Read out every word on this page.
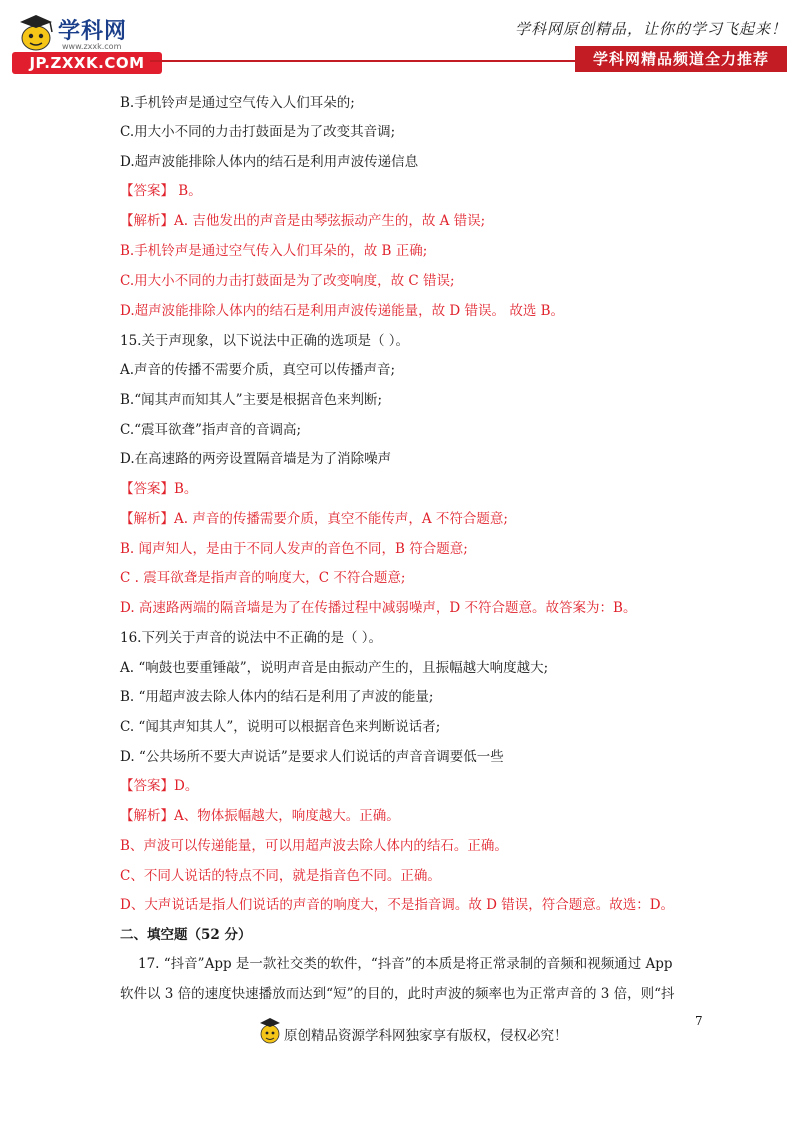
学科网
www.zxxk.com
JP.ZXXK.COM
学科网原创精品，让你的学习飞起来！
学科网精品频道全力推荐
B.手机铃声是通过空气传入人们耳朵的;
C.用大小不同的力击打鼓面是为了改变其音调;
D.超声波能排除人体内的结石是利用声波传递信息
【答案】 B。
【解析】A. 吉他发出的声音是由琴弦振动产生的，故 A 错误;
B.手机铃声是通过空气传入人们耳朵的，故 B 正确;
C.用大小不同的力击打鼓面是为了改变响度，故 C 错误;
D.超声波能排除人体内的结石是利用声波传递能量，故 D 错误。 故选 B。
15.关于声现象，以下说法中正确的选项是（ ）。
A.声音的传播不需要介质，真空可以传播声音;
B.“闻其声而知其人”主要是根据音色来判断;
C.“震耳欲聋”指声音的音调高;
D.在高速路的两旁设置隔音墙是为了消除噪声
【答案】B。
【解析】A. 声音的传播需要介质，真空不能传声，A 不符合题意;
B. 闻声知人，是由于不同人发声的音色不同，B 符合题意;
C . 震耳欲聋是指声音的响度大，C 不符合题意;
D. 高速路两端的隔音墙是为了在传播过程中减弱噪声，D 不符合题意。故答案为：B。
16.下列关于声音的说法中不正确的是（ ）。
A. “响鼓也要重锤敲”，说明声音是由振动产生的，且振幅越大响度越大;
B. “用超声波去除人体内的结石是利用了声波的能量;
C. “闻其声知其人”，说明可以根据音色来判断说话者;
D. “公共场所不要大声说话”是要求人们说话的声音音调要低一些
【答案】D。
【解析】A、物体振幅越大，响度越大。正确。
B、声波可以传递能量，可以用超声波去除人体内的结石。正确。
C、不同人说话的特点不同，就是指音色不同。正确。
D、大声说话是指人们说话的声音的响度大，不是指音调。故 D 错误，符合题意。故选：D。
二、填空题（52 分）
17. “抖音”App 是一款社交类的软件，“抖音”的本质是将正常录制的音频和视频通过 App
软件以 3 倍的速度快速播放而达到“短”的目的，此时声波的频率也为正常声音的 3 倍，则“抖
7
原创精品资源学科网独家享有版权，侵权必究！
